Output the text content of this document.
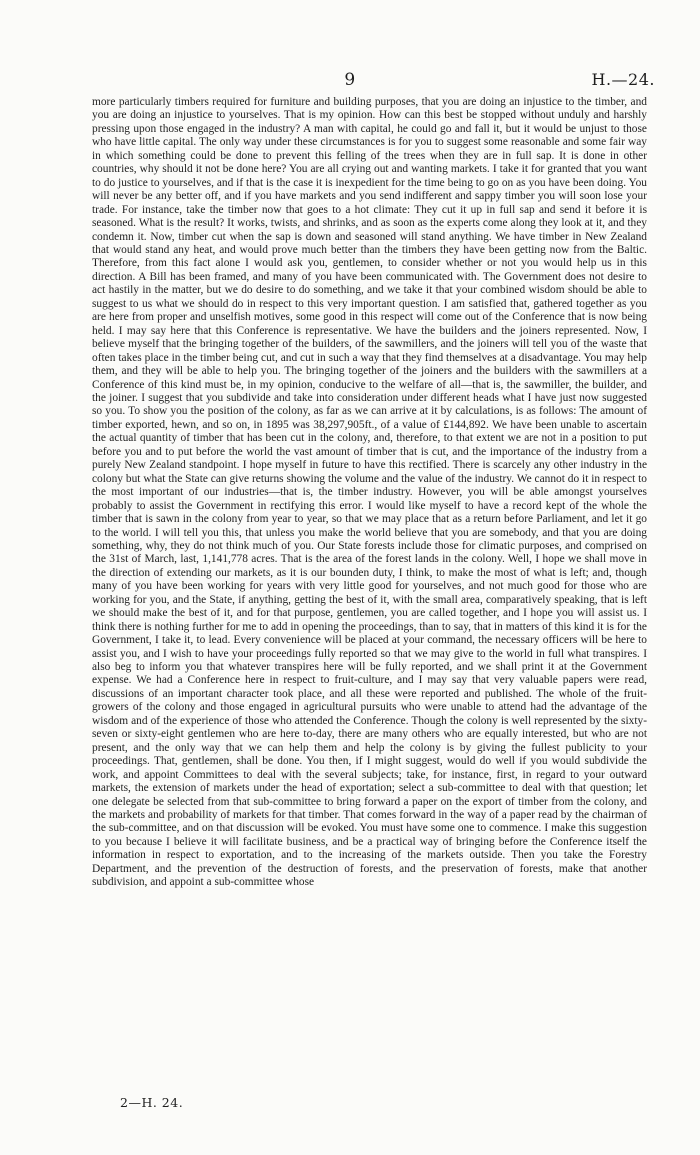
9	H.—24.

more particularly timbers required for furniture and building purposes, that you are doing an injustice to the timber, and you are doing an injustice to yourselves. That is my opinion. How can this best be stopped without unduly and harshly pressing upon those engaged in the industry? A man with capital, he could go and fall it, but it would be unjust to those who have little capital. The only way under these circumstances is for you to suggest some reasonable and some fair way in which something could be done to prevent this felling of the trees when they are in full sap. It is done in other countries, why should it not be done here? You are all crying out and wanting markets. I take it for granted that you want to do justice to yourselves, and if that is the case it is inexpedient for the time being to go on as you have been doing. You will never be any better off, and if you have markets and you send indifferent and sappy timber you will soon lose your trade. For instance, take the timber now that goes to a hot climate: They cut it up in full sap and send it before it is seasoned. What is the result? It works, twists, and shrinks, and as soon as the experts come along they look at it, and they condemn it. Now, timber cut when the sap is down and seasoned will stand anything. We have timber in New Zealand that would stand any heat, and would prove much better than the timbers they have been getting now from the Baltic. Therefore, from this fact alone I would ask you, gentlemen, to consider whether or not you would help us in this direction. A Bill has been framed, and many of you have been communicated with. The Government does not desire to act hastily in the matter, but we do desire to do something, and we take it that your combined wisdom should be able to suggest to us what we should do in respect to this very important question. I am satisfied that, gathered together as you are here from proper and unselfish motives, some good in this respect will come out of the Conference that is now being held. I may say here that this Conference is representative. We have the builders and the joiners represented. Now, I believe myself that the bringing together of the builders, of the sawmillers, and the joiners will tell you of the waste that often takes place in the timber being cut, and cut in such a way that they find themselves at a disadvantage. You may help them, and they will be able to help you. The bringing together of the joiners and the builders with the sawmillers at a Conference of this kind must be, in my opinion, conducive to the welfare of all—that is, the sawmiller, the builder, and the joiner. I suggest that you subdivide and take into consideration under different heads what I have just now suggested so you. To show you the position of the colony, as far as we can arrive at it by calculations, is as follows: The amount of timber exported, hewn, and so on, in 1895 was 38,297,905ft., of a value of £144,892. We have been unable to ascertain the actual quantity of timber that has been cut in the colony, and, therefore, to that extent we are not in a position to put before you and to put before the world the vast amount of timber that is cut, and the importance of the industry from a purely New Zealand standpoint. I hope myself in future to have this rectified. There is scarcely any other industry in the colony but what the State can give returns showing the volume and the value of the industry. We cannot do it in respect to the most important of our industries—that is, the timber industry. However, you will be able amongst yourselves probably to assist the Government in rectifying this error. I would like myself to have a record kept of the whole the timber that is sawn in the colony from year to year, so that we may place that as a return before Parliament, and let it go to the world. I will tell you this, that unless you make the world believe that you are somebody, and that you are doing something, why, they do not think much of you. Our State forests include those for climatic purposes, and comprised on the 31st of March, last, 1,141,778 acres. That is the area of the forest lands in the colony. Well, I hope we shall move in the direction of extending our markets, as it is our bounden duty, I think, to make the most of what is left; and, though many of you have been working for years with very little good for yourselves, and not much good for those who are working for you, and the State, if anything, getting the best of it, with the small area, comparatively speaking, that is left we should make the best of it, and for that purpose, gentlemen, you are called together, and I hope you will assist us. I think there is nothing further for me to add in opening the proceedings, than to say, that in matters of this kind it is for the Government, I take it, to lead. Every convenience will be placed at your command, the necessary officers will be here to assist you, and I wish to have your proceedings fully reported so that we may give to the world in full what transpires. I also beg to inform you that whatever transpires here will be fully reported, and we shall print it at the Government expense. We had a Conference here in respect to fruit-culture, and I may say that very valuable papers were read, discussions of an important character took place, and all these were reported and published. The whole of the fruit-growers of the colony and those engaged in agricultural pursuits who were unable to attend had the advantage of the wisdom and of the experience of those who attended the Conference. Though the colony is well represented by the sixty-seven or sixty-eight gentlemen who are here to-day, there are many others who are equally interested, but who are not present, and the only way that we can help them and help the colony is by giving the fullest publicity to your proceedings. That, gentlemen, shall be done. You then, if I might suggest, would do well if you would subdivide the work, and appoint Committees to deal with the several subjects; take, for instance, first, in regard to your outward markets, the extension of markets under the head of exportation; select a sub-committee to deal with that question; let one delegate be selected from that sub-committee to bring forward a paper on the export of timber from the colony, and the markets and probability of markets for that timber. That comes forward in the way of a paper read by the chairman of the sub-committee, and on that discussion will be evoked. You must have some one to commence. I make this suggestion to you because I believe it will facilitate business, and be a practical way of bringing before the Conference itself the information in respect to exportation, and to the increasing of the markets outside. Then you take the Forestry Department, and the prevention of the destruction of forests, and the preservation of forests, make that another subdivision, and appoint a sub-committee whose

2—H. 24.
